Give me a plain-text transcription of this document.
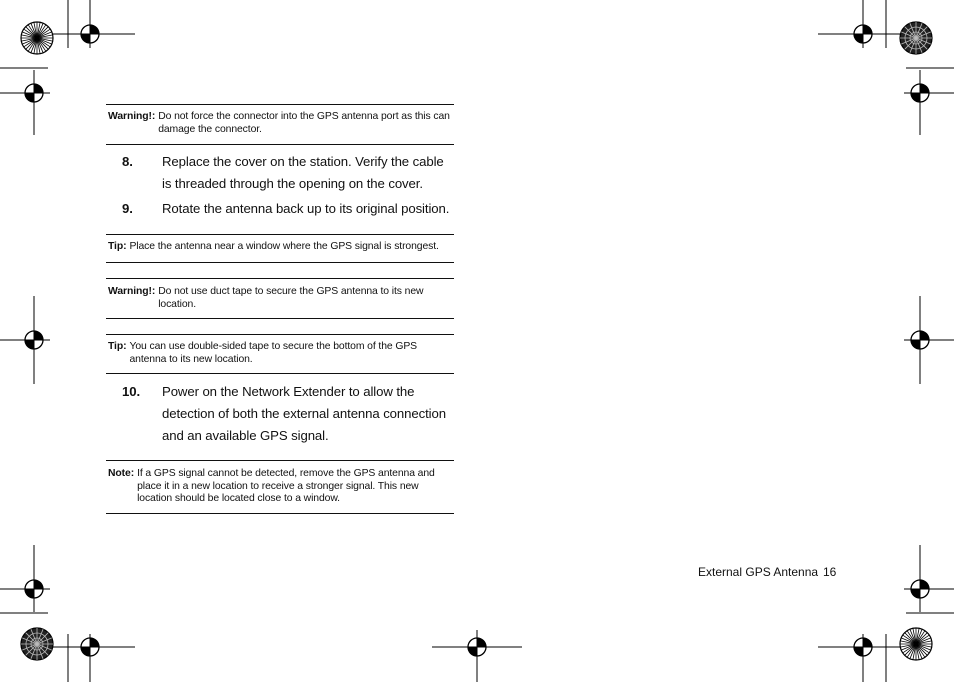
Warning!: Do not force the connector into the GPS antenna port as this can damage the connector.
8.	Replace the cover on the station. Verify the cable is threaded through the opening on the cover.
9.	Rotate the antenna back up to its original position.
Tip: Place the antenna near a window where the GPS signal is strongest.
Warning!: Do not use duct tape to secure the GPS antenna to its new location.
Tip: You can use double-sided tape to secure the bottom of the GPS antenna to its new location.
10.	Power on the Network Extender to allow the detection of both the external antenna connection and an available GPS signal.
Note: If a GPS signal cannot be detected, remove the GPS antenna and place it in a new location to receive a stronger signal. This new location should be located close to a window.
External GPS Antenna 16
